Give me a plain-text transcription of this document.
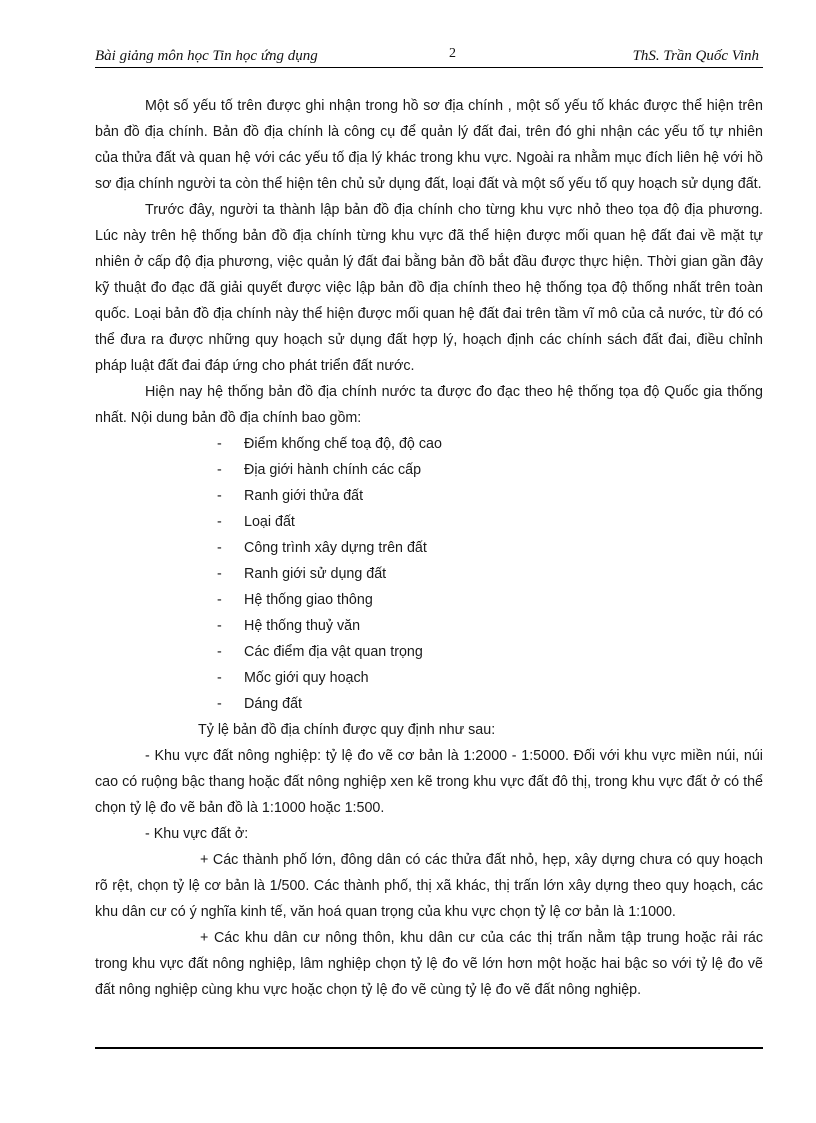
Bài giảng môn học Tin học ứng dụng	2	ThS. Trần Quốc Vinh

Một số yếu tố trên được ghi nhận trong hồ sơ địa chính , một số yếu tố khác được thể hiện trên bản đồ địa chính. Bản đồ địa chính là công cụ để quản lý đất đai, trên đó ghi nhận các yếu tố tự nhiên của thửa đất và quan hệ với các yếu tố địa lý khác trong khu vực. Ngoài ra nhằm mục đích liên hệ với hồ sơ địa chính người ta còn thể hiện tên chủ sử dụng đất, loại đất và một số yếu tố quy hoạch sử dụng đất.

Trước đây, người ta thành lập bản đồ địa chính cho từng khu vực nhỏ theo tọa độ địa phương. Lúc này trên hệ thống bản đồ địa chính từng khu vực đã thể hiện được mối quan hệ đất đai về mặt tự nhiên ở cấp độ địa phương, việc quản lý đất đai bằng bản đồ bắt đầu được thực hiện. Thời gian gần đây kỹ thuật đo đạc đã giải quyết được việc lập bản đồ địa chính theo hệ thống tọa độ thống nhất trên toàn quốc. Loại bản đồ địa chính này thể hiện được mối quan hệ đất đai trên tầm vĩ mô của cả nước, từ đó có thể đưa ra được những quy hoạch sử dụng đất hợp lý, hoạch định các chính sách đất đai, điều chỉnh pháp luật đất đai đáp ứng cho phát triển đất nước.

Hiện nay hệ thống bản đồ địa chính nước ta được đo đạc theo hệ thống tọa độ Quốc gia thống nhất. Nội dung bản đồ địa chính bao gồm:

- Điểm khống chế toạ độ, độ cao
- Địa giới hành chính các cấp
- Ranh giới thửa đất
- Loại đất
- Công trình xây dựng trên đất
- Ranh giới sử dụng đất
- Hệ thống giao thông
- Hệ thống thuỷ văn
- Các điểm địa vật quan trọng
- Mốc giới quy hoạch
- Dáng đất

Tỷ lệ bản đồ địa chính được quy định như sau:

- Khu vực đất nông nghiệp: tỷ lệ đo vẽ cơ bản là 1:2000 - 1:5000. Đối với khu vực miền núi, núi cao có ruộng bậc thang hoặc đất nông nghiệp xen kẽ trong khu vực đất đô thị, trong khu vực đất ở có thể chọn tỷ lệ đo vẽ bản đồ là 1:1000 hoặc 1:500.

- Khu vực đất ở:

+ Các thành phố lớn, đông dân có các thửa đất nhỏ, hẹp, xây dựng chưa có quy hoạch rõ rệt, chọn tỷ lệ cơ bản là 1/500. Các thành phố, thị xã khác, thị trấn lớn xây dựng theo quy hoạch, các khu dân cư có ý nghĩa kinh tế, văn hoá quan trọng của khu vực chọn tỷ lệ cơ bản là 1:1000.

+ Các khu dân cư nông thôn, khu dân cư của các thị trấn nằm tập trung hoặc rải rác trong khu vực đất nông nghiệp, lâm nghiệp chọn tỷ lệ đo vẽ lớn hơn một hoặc hai bậc so với tỷ lệ đo vẽ đất nông nghiệp cùng khu vực hoặc chọn tỷ lệ đo vẽ cùng tỷ lệ đo vẽ đất nông nghiệp.
